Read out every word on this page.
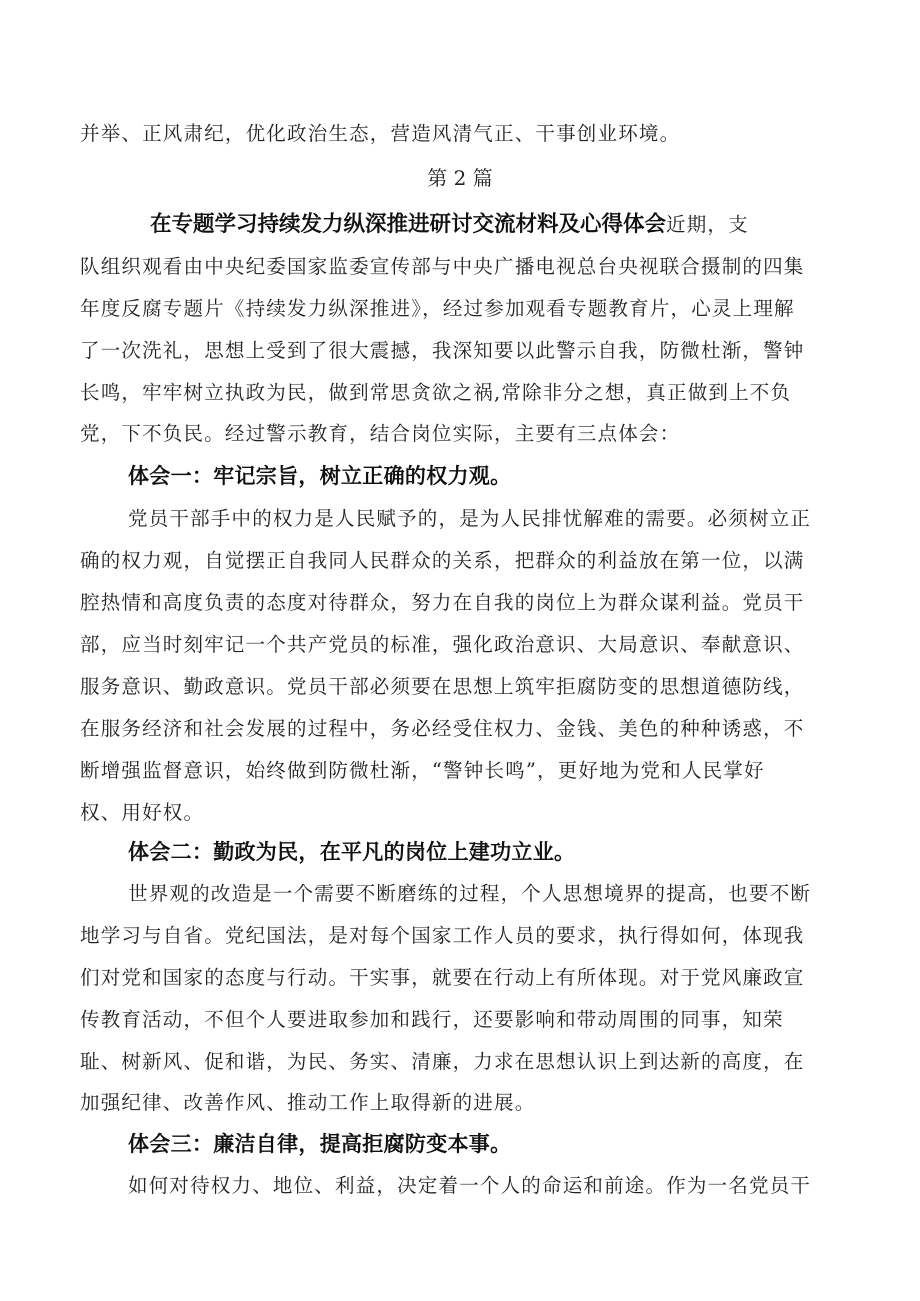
并举、正风肃纪，优化政治生态，营造风清气正、干事创业环境。
第 2 篇
在专题学习持续发力纵深推进研讨交流材料及心得体会近期，支
队组织观看由中央纪委国家监委宣传部与中央广播电视总台央视联合摄制的四集
年度反腐专题片《持续发力纵深推进》，经过参加观看专题教育片，心灵上理解
了一次洗礼，思想上受到了很大震撼，我深知要以此警示自我，防微杜渐，警钟
长鸣，牢牢树立执政为民，做到常思贪欲之祸,常除非分之想，真正做到上不负
党，下不负民。经过警示教育，结合岗位实际，主要有三点体会：
体会一：牢记宗旨，树立正确的权力观。
党员干部手中的权力是人民赋予的，是为人民排忧解难的需要。必须树立正
确的权力观，自觉摆正自我同人民群众的关系，把群众的利益放在第一位，以满
腔热情和高度负责的态度对待群众，努力在自我的岗位上为群众谋利益。党员干
部，应当时刻牢记一个共产党员的标准，强化政治意识、大局意识、奉献意识、
服务意识、勤政意识。党员干部必须要在思想上筑牢拒腐防变的思想道德防线，
在服务经济和社会发展的过程中，务必经受住权力、金钱、美色的种种诱惑，不
断增强监督意识，始终做到防微杜渐，“警钟长鸣”，更好地为党和人民掌好
权、用好权。
体会二：勤政为民，在平凡的岗位上建功立业。
世界观的改造是一个需要不断磨练的过程，个人思想境界的提高，也要不断
地学习与自省。党纪国法，是对每个国家工作人员的要求，执行得如何，体现我
们对党和国家的态度与行动。干实事，就要在行动上有所体现。对于党风廉政宣
传教育活动，不但个人要进取参加和践行，还要影响和带动周围的同事，知荣
耻、树新风、促和谐，为民、务实、清廉，力求在思想认识上到达新的高度，在
加强纪律、改善作风、推动工作上取得新的进展。
体会三：廉洁自律，提高拒腐防变本事。
如何对待权力、地位、利益，决定着一个人的命运和前途。作为一名党员干
